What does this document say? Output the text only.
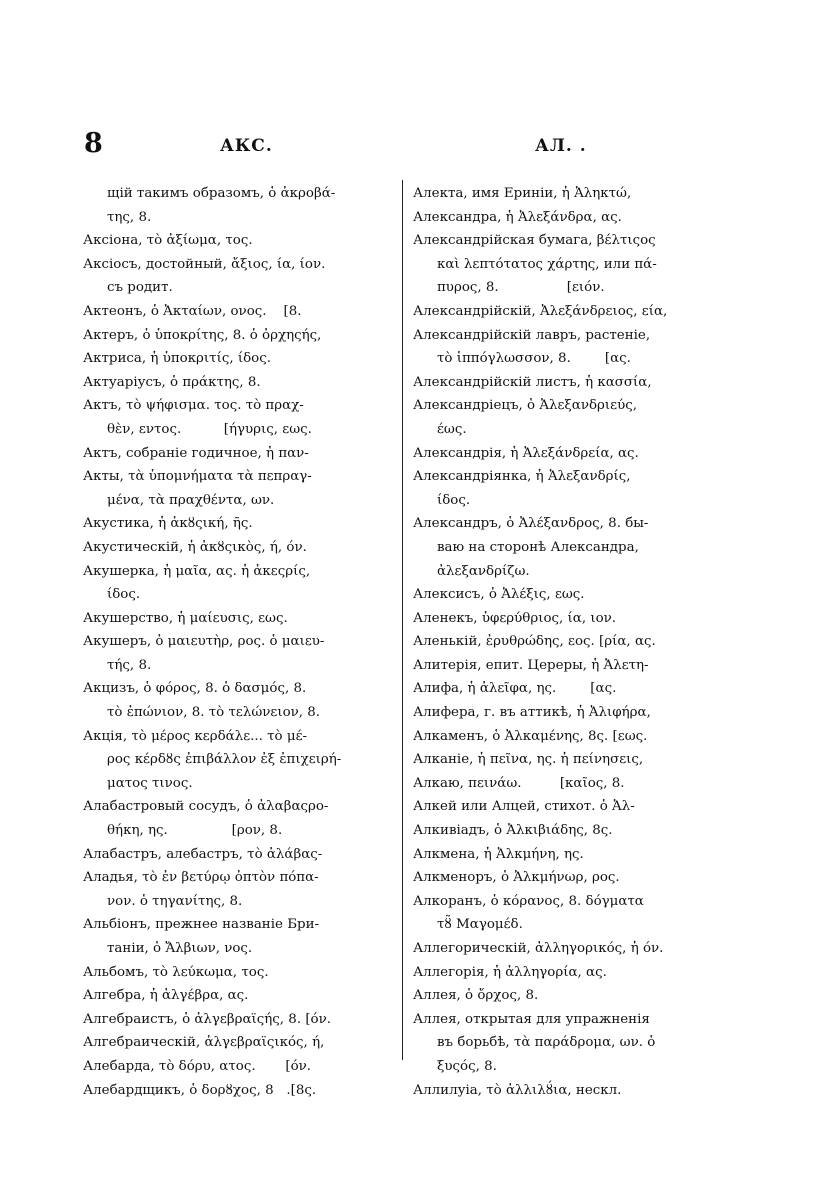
8	АКС.	АЛ. .
щій такимъ образомъ, ὁ ἀκροβά-
της, 8.
Аксіона, τὸ ἀξίωμα, τος.
Аксіосъ, достойный, ἄξιος, ία, ίον.
съ родит.
Актеонъ, ὁ Ἀκταίων, ονος.    [8.
Актеръ, ὁ ὑποκρίτης, 8. ὁ ὀρχηςής,
Актриса, ἡ ὑποκριτίς, ίδος.
Актуаріусъ, ὁ πράκτης, 8.
Актъ, τὸ ψήφισμα. τος. τὸ πραχ-
θὲν, εντος.          [ήγυρις, εως.
Актъ, собраніе годичное, ἡ παν-
Акты, τὰ ὑπομνήματα τὰ πεπραγ-
μένα, τὰ πραχθέντα, ων.
Акустика, ἡ ἀκȣςική, ῆς.
Акустическій, ἡ ἀκȣςικὸς, ή, όν.
Акушерка, ἡ μαῖα, ας. ἡ ἀκεςρίς,
ίδος.
Акушерство, ἡ μαίευσις, εως.
Акушеръ, ὁ μαιευτὴρ, ρος. ὁ μαιευ-
τής, 8.
Акцизъ, ὁ φόρος, 8. ὁ δασμός, 8.
τὸ ἐπώνιον, 8. τὸ τελώνειον, 8.
Акція, τὸ μέρος κερδάλε... τὸ μέ-
ρος κέρδȣς ἐπιβάλλον ἐξ ἐπιχειρή-
ματος τινος.
Алабастровый сосудъ, ὁ ἀλαβαςρο-
θήκη, ης.               [ρον, 8.
Алабастръ, алебастръ, τὸ ἀλάβας-
Аладья, τὸ ἐν βετύρῳ ὀπτὸν πόπα-
νον. ὁ τηγανίτης, 8.
Альбіонъ, прежнее названіе Бри-
таніи, ὁ Ἄλβιων, νος.
Альбомъ, τὸ λεύκωμα, τος.
Алгебра, ἡ ἀλγέβρα, ας.
Алгебраистъ, ὁ ἀλγεβραϊςής, 8. [όν.
Алгебраическій, ἀλγεβραϊςικός, ή,
Алебарда, τὸ δόρυ, ατος.       [όν.
Алебардщикъ, ὁ δορȣχος, 8   .[8ς.
Алекта, имя Ериніи, ἡ Ἀληκτώ,
Александра, ἡ Ἀλεξάνδρα, ας.
Александрійская бумага, βέλτιςος
καὶ λεπτότατος χάρτης, или πά-
πυρος, 8.                [ειόν.
Александрійскій, Ἀλεξάνδρειος, εία,
Александрійскій лавръ, растеніе,
τὸ ἱππόγλωσσον, 8.        [ας.
Александрійскій листъ, ἡ κασσία,
Александріецъ, ὁ Ἀλεξανδριεύς,
έως.
Александрія, ἡ Ἀλεξάνδρεία, ας.
Александріянка, ἡ Ἀλεξανδρίς,
ίδος.
Александръ, ὁ Ἀλέξανδρος, 8. бы-
ваю на сторонѣ Александра,
ἀλεξανδρίζω.
Алексисъ, ὁ Ἀλέξις, εως.
Аленекъ, ὑφερύθριος, ία, ιον.
Аленькій, ἐρυθρώδης, εος. [ρία, ας.
Алитерія, епит. Цереры, ἡ Ἀλετη-
Алифа, ἡ ἀλεῖφα, ης.        [ας.
Алифера, г. въ аттикѣ, ἡ Ἀλιφήρα,
Алкаменъ, ὁ Ἀλκαμένης, 8ς. [εως.
Алканіе, ἡ πεῖνα, ης. ἡ πείνησεις,
Алкаю, πεινάω.         [καῖος, 8.
Алкей или Алцей, стихот. ὁ Ἀλ-
Алкивіадъ, ὁ Ἀλκιβιάδης, 8ς.
Алкмена, ἡ Ἀλκμήνη, ης.
Алкменоръ, ὁ Ἀλκμήνωρ, ρος.
Алкоранъ, ὁ κόρανος, 8. δόγματα
τȣ̃ Μαγομέδ.
Аллегорическій, ἀλληγορικός, ἡ όν.
Аллегорія, ἡ ἀλληγορία, ας.
Аллея, ὁ ὄρχος, 8.
Аллея, открытая для упражненія
въ борьбѣ, τὰ παράδρομα, ων. ὁ
ξυςός, 8.
Аллилуіа, τὸ ἀλλιλȣ́ια, нескл.
